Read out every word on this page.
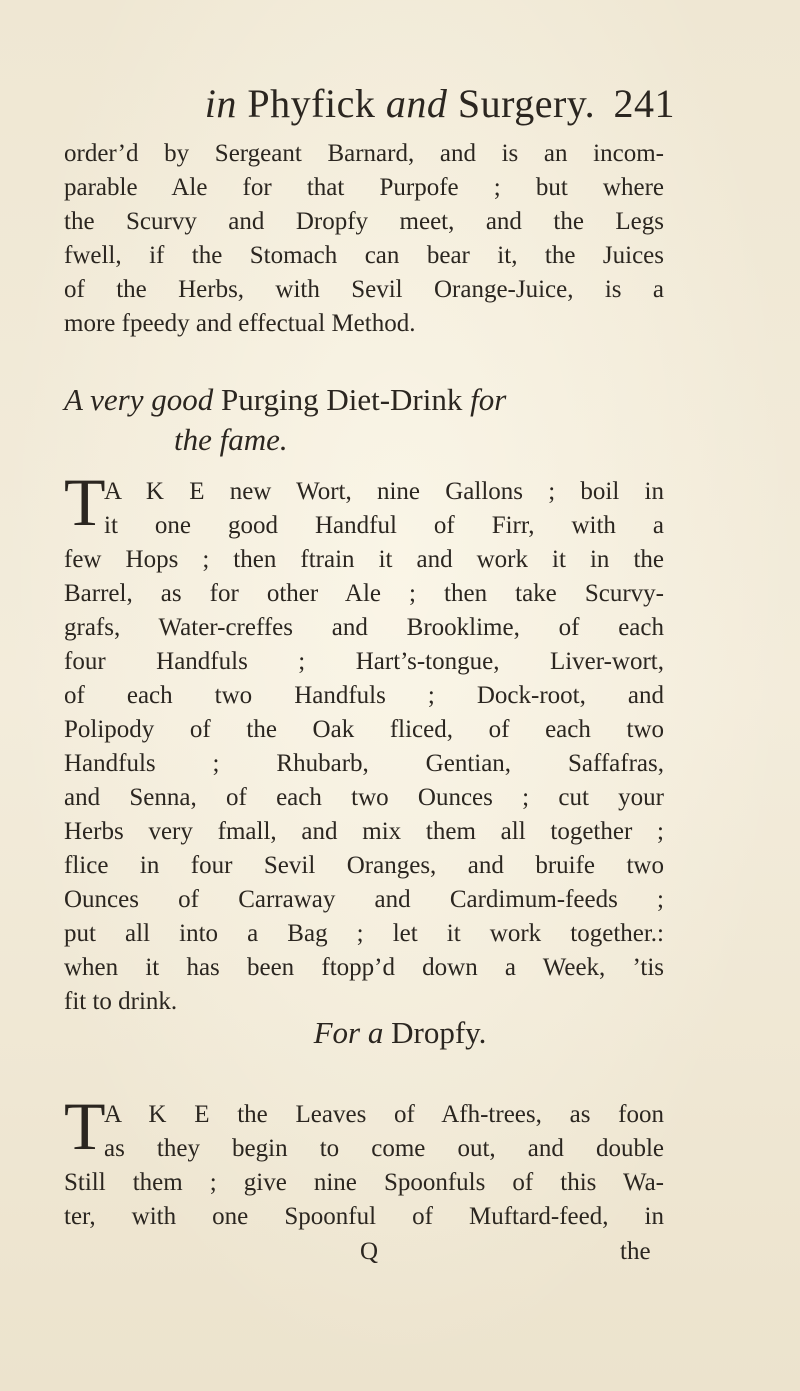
in Phyfick and Surgery. 241
order’d by Sergeant Barnard, and is an incom-
parable Ale for that Purpofe ; but where
the Scurvy and Dropfy meet, and the Legs
fwell, if the Stomach can bear it, the Juices
of the Herbs, with Sevil Orange-Juice, is a
more fpeedy and effectual Method.
A very good Purging Diet-Drink for
the fame.
T
A K E new Wort, nine Gallons ; boil in
it one good Handful of Firr, with a
few Hops ; then ftrain it and work it in the
Barrel, as for other Ale ; then take Scurvy-
grafs, Water-creffes and Brooklime, of each
four Handfuls ; Hart’s-tongue, Liver-wort,
of each two Handfuls ; Dock-root, and
Polipody of the Oak fliced, of each two
Handfuls ; Rhubarb, Gentian, Saffafras,
and Senna, of each two Ounces ; cut your
Herbs very fmall, and mix them all together ;
flice in four Sevil Oranges, and bruife two
Ounces of Carraway and Cardimum-feeds ;
put all into a Bag ; let it work together.:
when it has been ftopp’d down a Week, ’tis
fit to drink.
For a Dropfy.
T
A K E the Leaves of Afh-trees, as foon
as they begin to come out, and double
Still them ; give nine Spoonfuls of this Wa-
ter, with one Spoonful of Muftard-feed, in
Q	the
